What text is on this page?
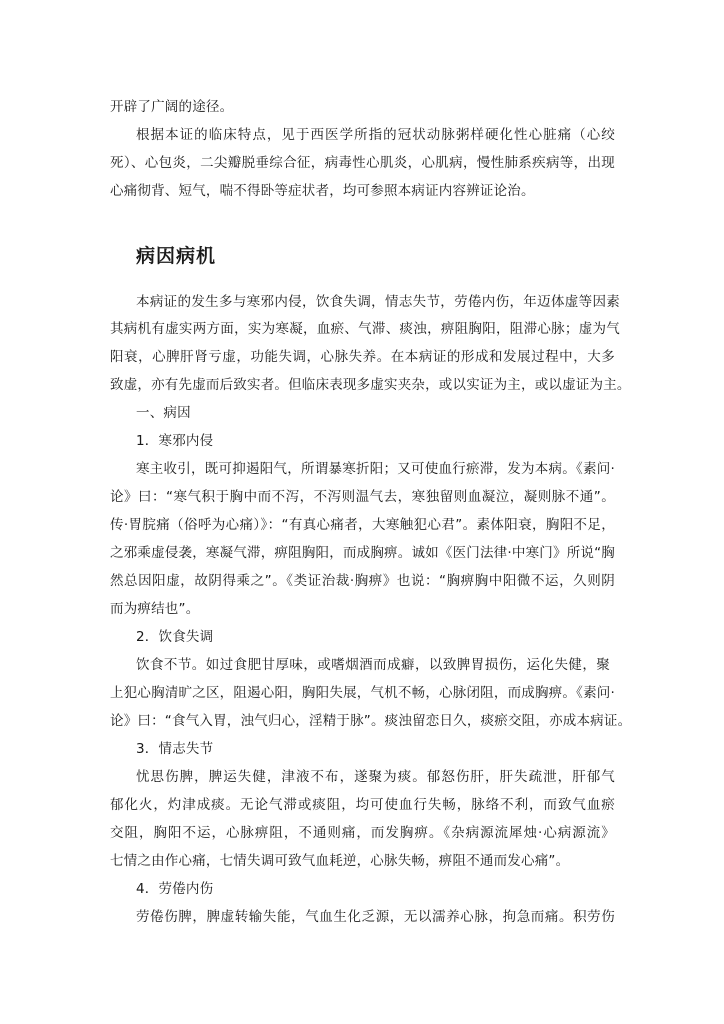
开辟了广阔的途径。
根据本证的临床特点，见于西医学所指的冠状动脉粥样硬化性心脏痛（心绞
死）、心包炎，二尖瓣脱垂综合征，病毒性心肌炎，心肌病，慢性肺系疾病等，出现
心痛彻背、短气，喘不得卧等症状者，均可参照本病证内容辨证论治。
病因病机
本病证的发生多与寒邪内侵，饮食失调，情志失节，劳倦内伤，年迈体虚等因素
其病机有虚实两方面，实为寒凝，血瘀、气滞、痰浊，痹阻胸阳，阻滞心脉；虚为气
阳衰，心脾肝肾亏虚，功能失调，心脉失养。在本病证的形成和发展过程中，大多
致虚，亦有先虚而后致实者。但临床表现多虚实夹杂，或以实证为主，或以虚证为主。
一、病因
1．寒邪内侵
寒主收引，既可抑遏阳气，所谓暴寒折阳；又可使血行瘀滞，发为本病。《素问·
论》曰：“寒气积于胸中而不泻，不泻则温气去，寒独留则血凝泣，凝则脉不通”。
传·胃脘痛（俗呼为心痛）》：“有真心痛者，大寒触犯心君”。素体阳衰，胸阳不足，
之邪乘虚侵袭，寒凝气滞，痹阻胸阳，而成胸痹。诚如《医门法律·中寒门》所说“胸
然总因阳虚，故阴得乘之”。《类证治裁·胸痹》也说：“胸痹胸中阳微不运，久则阴
而为痹结也”。
2．饮食失调
饮食不节。如过食肥甘厚味，或嗜烟酒而成癖，以致脾胃损伤，运化失健，聚
上犯心胸清旷之区，阻遏心阳，胸阳失展，气机不畅，心脉闭阻，而成胸痹。《素问·
论》曰：“食气入胃，浊气归心，淫精于脉”。痰浊留恋日久，痰瘀交阻，亦成本病证。
3．情志失节
忧思伤脾，脾运失健，津液不布，遂聚为痰。郁怒伤肝，肝失疏泄，肝郁气
郁化火，灼津成痰。无论气滞或痰阻，均可使血行失畅，脉络不利，而致气血瘀
交阻，胸阳不运，心脉痹阻，不通则痛，而发胸痹。《杂病源流犀烛·心病源流》
七情之由作心痛，七情失调可致气血耗逆，心脉失畅，痹阻不通而发心痛”。
4．劳倦内伤
劳倦伤脾，脾虚转输失能，气血生化乏源，无以濡养心脉，拘急而痛。积劳伤
